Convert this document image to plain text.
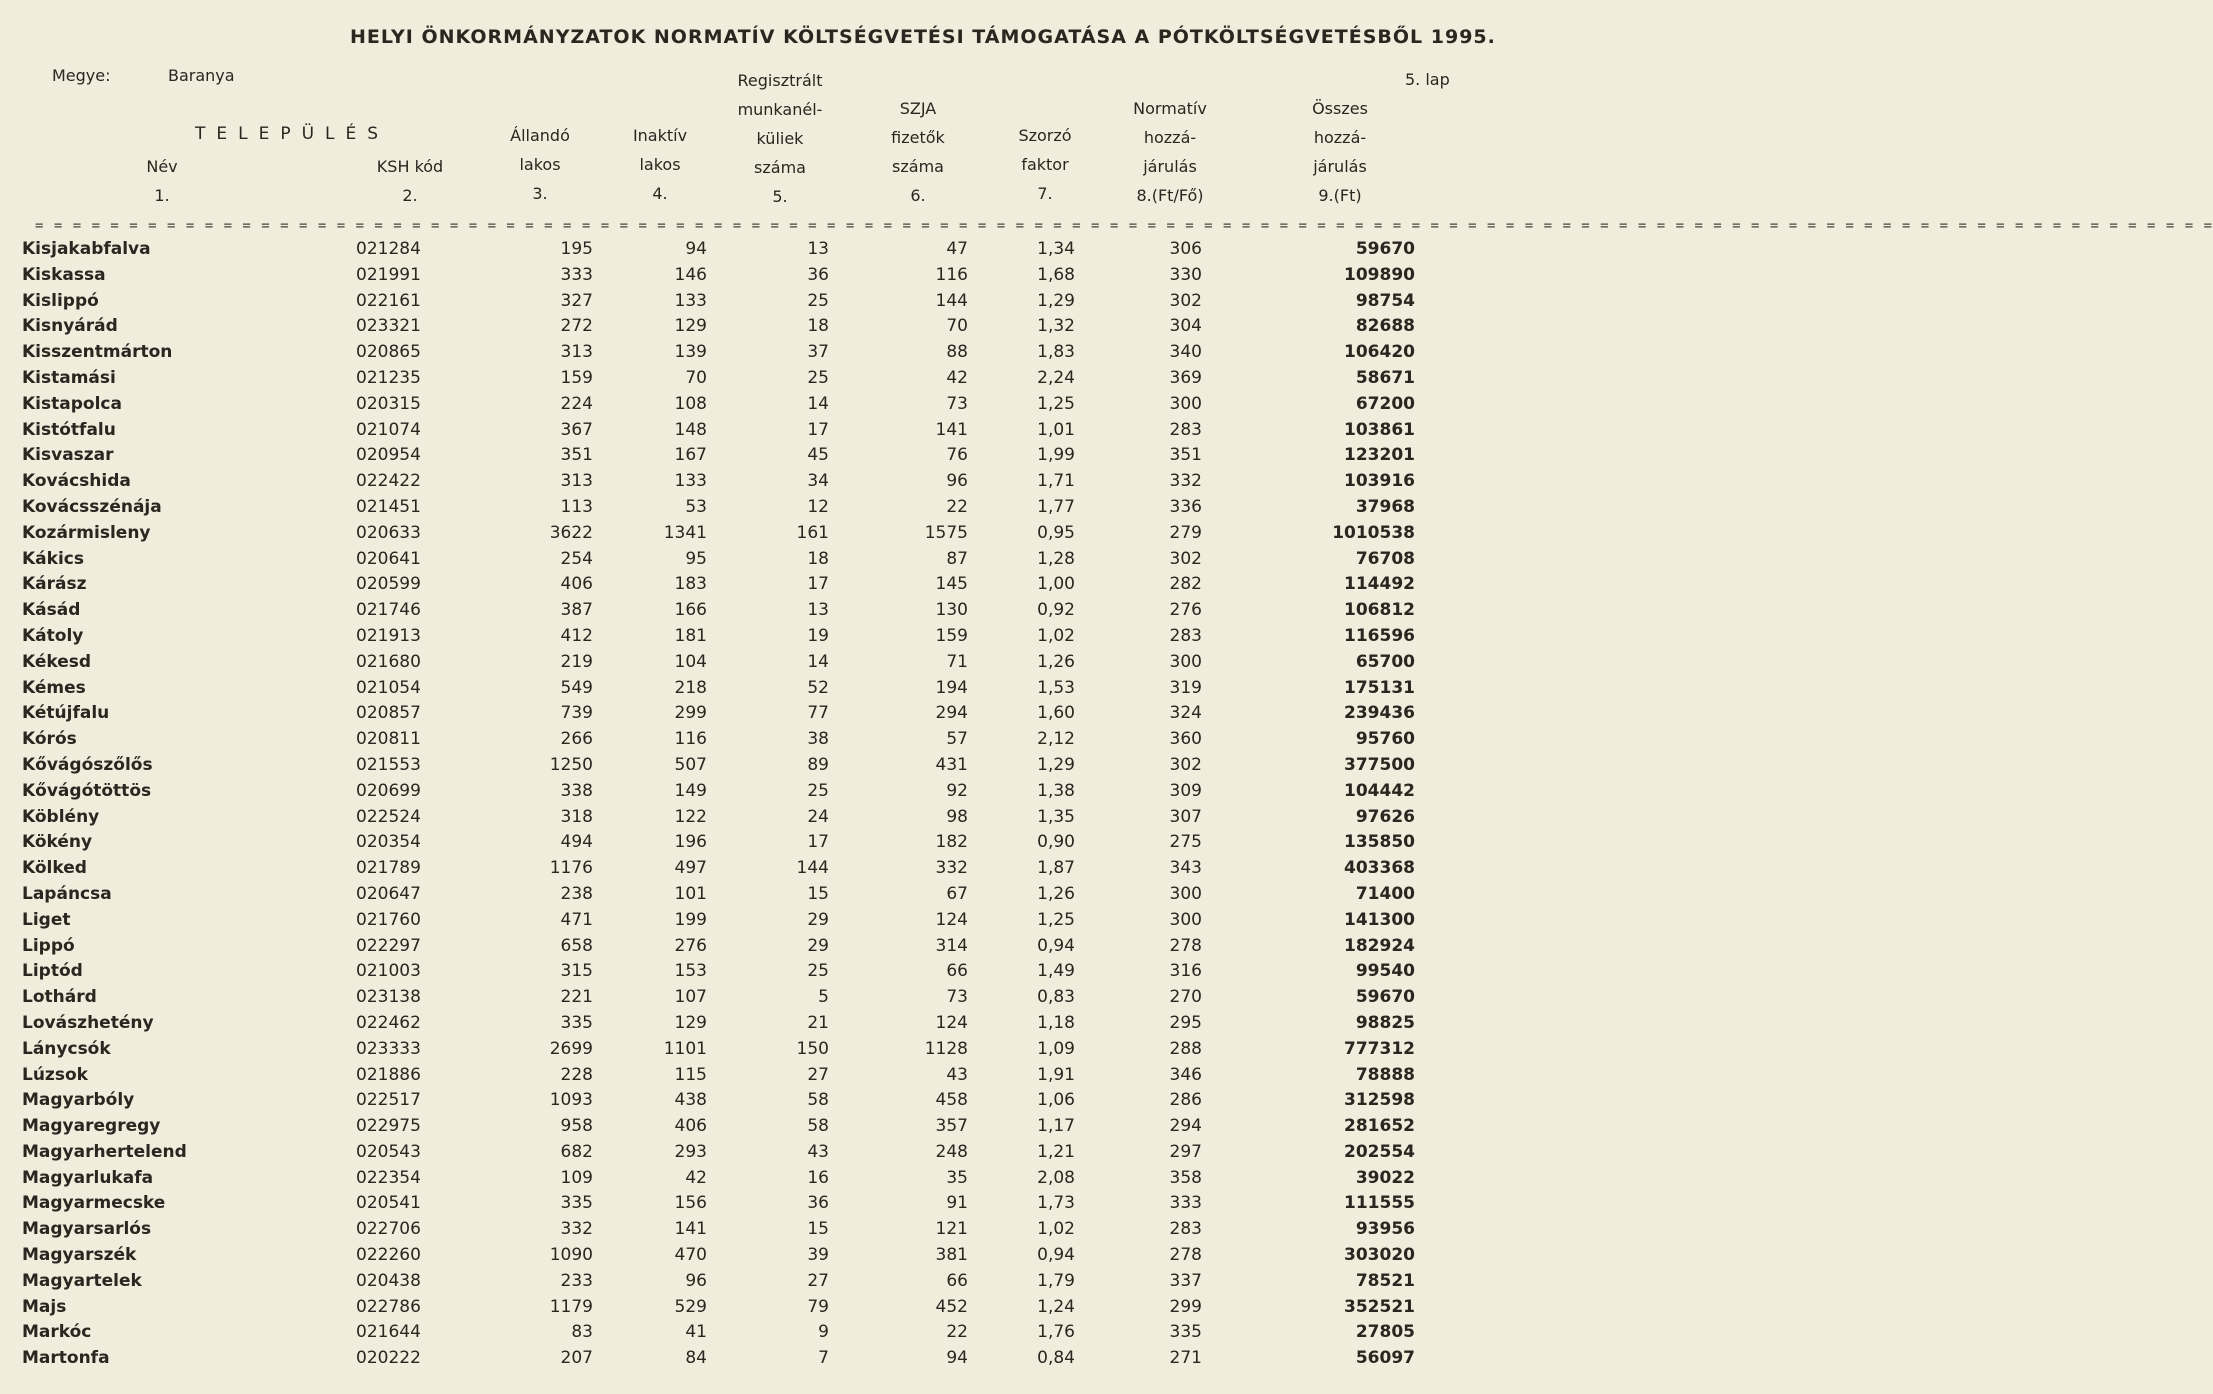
HELYI ÖNKORMÁNYZATOK NORMATÍV KÖLTSÉGVETÉSI TÁMOGATÁSA A PÓTKÖLTSÉGVETÉSBŐL 1995.
Megye:	Baranya	5. lap
TELEPÜLÉS
Név
1.
KSH kód
2.
Állandó
lakos
3.
Inaktív
lakos
4.
Regisztrált
munkanél-
küliek
száma
5.
SZJA
fizetők
száma
6.
Szorzó
faktor
7.
Normatív
hozzá-
járulás
8.(Ft/Fő)
Összes
hozzá-
járulás
9.(Ft)
= = = = = = = = = = = = = = = = = = = = = = = = = = = = = = = = = = = = = = = = = = = = = = = = = = = = = = = = = = = = = = = = = = = = = = = = = = = = = = = = = = = = = = = = = = = = = = = = = = = = = = = = = = = = = = = = = = = =
Kisjakabfalva	021284	195	94	13	47	1,34	306	59670
Kiskassa	021991	333	146	36	116	1,68	330	109890
Kislippó	022161	327	133	25	144	1,29	302	98754
Kisnyárád	023321	272	129	18	70	1,32	304	82688
Kisszentmárton	020865	313	139	37	88	1,83	340	106420
Kistamási	021235	159	70	25	42	2,24	369	58671
Kistapolca	020315	224	108	14	73	1,25	300	67200
Kistótfalu	021074	367	148	17	141	1,01	283	103861
Kisvaszar	020954	351	167	45	76	1,99	351	123201
Kovácshida	022422	313	133	34	96	1,71	332	103916
Kovácsszénája	021451	113	53	12	22	1,77	336	37968
Kozármisleny	020633	3622	1341	161	1575	0,95	279	1010538
Kákics	020641	254	95	18	87	1,28	302	76708
Kárász	020599	406	183	17	145	1,00	282	114492
Kásád	021746	387	166	13	130	0,92	276	106812
Kátoly	021913	412	181	19	159	1,02	283	116596
Kékesd	021680	219	104	14	71	1,26	300	65700
Kémes	021054	549	218	52	194	1,53	319	175131
Kétújfalu	020857	739	299	77	294	1,60	324	239436
Kórós	020811	266	116	38	57	2,12	360	95760
Kővágószőlős	021553	1250	507	89	431	1,29	302	377500
Kővágótöttös	020699	338	149	25	92	1,38	309	104442
Köblény	022524	318	122	24	98	1,35	307	97626
Kökény	020354	494	196	17	182	0,90	275	135850
Kölked	021789	1176	497	144	332	1,87	343	403368
Lapáncsa	020647	238	101	15	67	1,26	300	71400
Liget	021760	471	199	29	124	1,25	300	141300
Lippó	022297	658	276	29	314	0,94	278	182924
Liptód	021003	315	153	25	66	1,49	316	99540
Lothárd	023138	221	107	5	73	0,83	270	59670
Lovászhetény	022462	335	129	21	124	1,18	295	98825
Lánycsók	023333	2699	1101	150	1128	1,09	288	777312
Lúzsok	021886	228	115	27	43	1,91	346	78888
Magyarbóly	022517	1093	438	58	458	1,06	286	312598
Magyaregregy	022975	958	406	58	357	1,17	294	281652
Magyarhertelend	020543	682	293	43	248	1,21	297	202554
Magyarlukafa	022354	109	42	16	35	2,08	358	39022
Magyarmecske	020541	335	156	36	91	1,73	333	111555
Magyarsarlós	022706	332	141	15	121	1,02	283	93956
Magyarszék	022260	1090	470	39	381	0,94	278	303020
Magyartelek	020438	233	96	27	66	1,79	337	78521
Majs	022786	1179	529	79	452	1,24	299	352521
Markóc	021644	83	41	9	22	1,76	335	27805
Martonfa	020222	207	84	7	94	0,84	271	56097
